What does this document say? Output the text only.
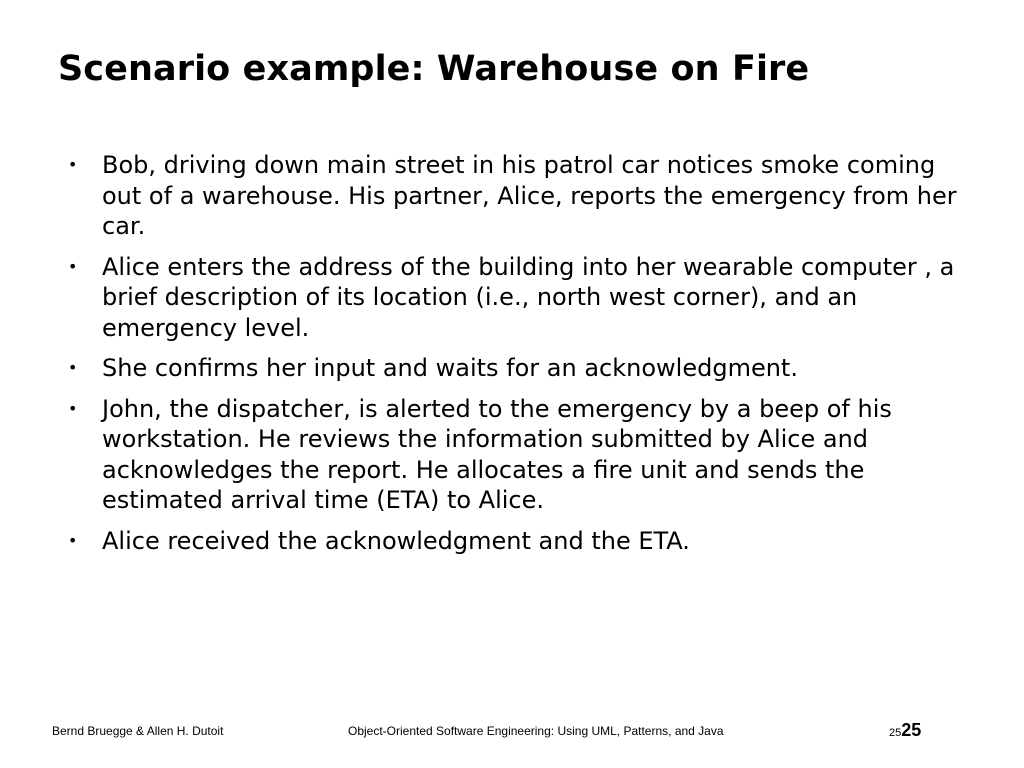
Scenario example: Warehouse on Fire
• Bob, driving down main street in his patrol car notices smoke coming out of a warehouse. His partner, Alice, reports the emergency from her car.
• Alice enters the address of the building into her wearable computer , a brief description of its location (i.e., north west corner), and an emergency level.
• She confirms her input and waits for an acknowledgment.
• John, the dispatcher, is alerted to the emergency by a beep of his workstation. He reviews the information submitted by Alice and acknowledges the report. He allocates a fire unit and sends the estimated arrival time (ETA) to Alice.
• Alice received the acknowledgment and the ETA.
Bernd Bruegge & Allen H. Dutoit	Object-Oriented Software Engineering: Using UML, Patterns, and Java	2525
